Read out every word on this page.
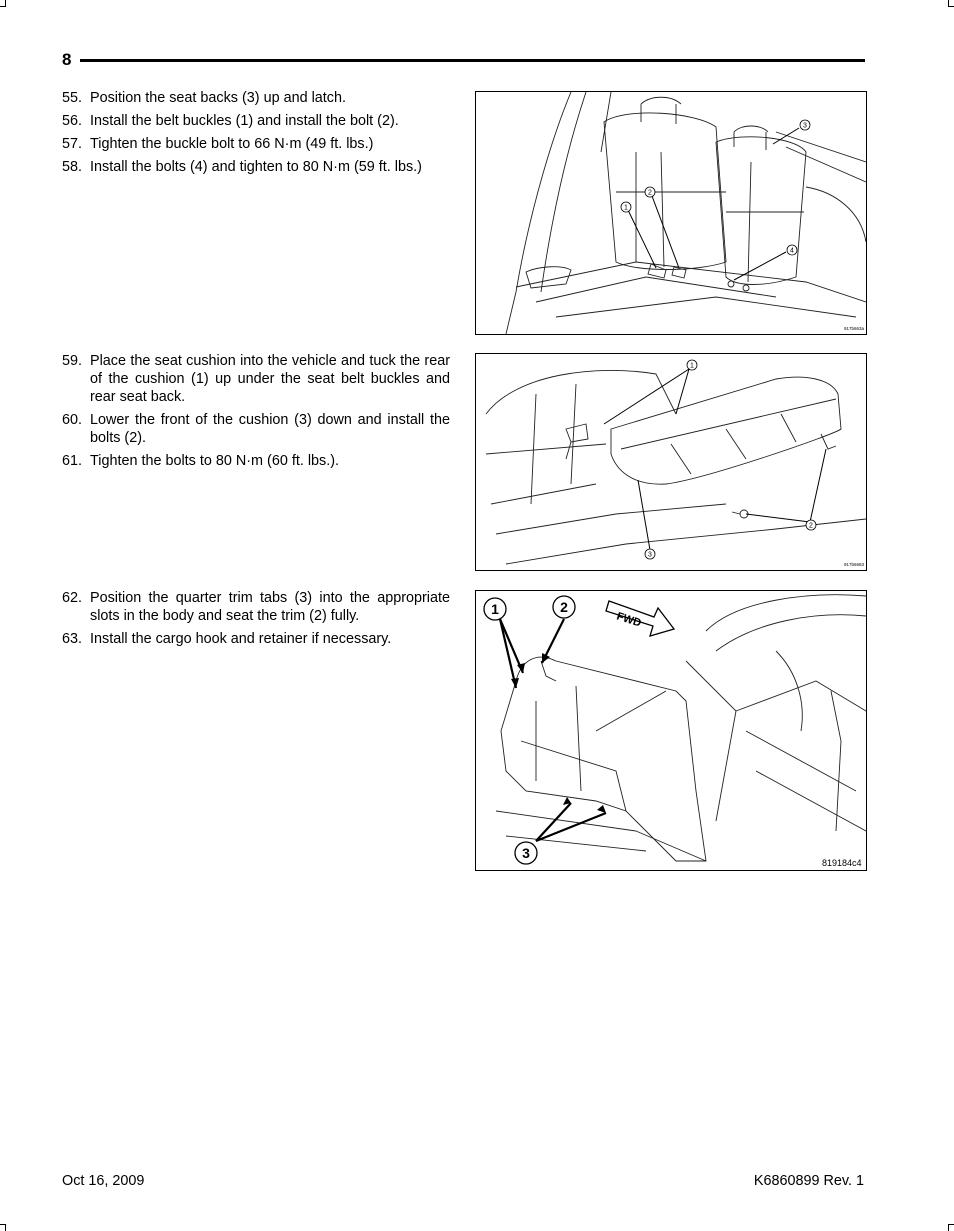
8
55. Position the seat backs (3) up and latch.
56. Install the belt buckles (1) and install the bolt (2).
57. Tighten the buckle bolt to 66 N·m (49 ft. lbs.)
58. Install the bolts (4) and tighten to 80 N·m (59 ft. lbs.)
1
2
3
4
917b663a
59. Place the seat cushion into the vehicle and tuck the rear of the cushion (1) up under the seat belt buckles and rear seat back.
60. Lower the front of the cushion (3) down and install the bolts (2).
61. Tighten the bolts to 80 N·m (60 ft. lbs.).
1
2
3
917b6683
62. Position the quarter trim tabs (3) into the appropriate slots in the body and seat the trim (2) fully.
63. Install the cargo hook and retainer if necessary.
FWD
1	2
3
819184c4
Oct 16, 2009	K6860899 Rev. 1
